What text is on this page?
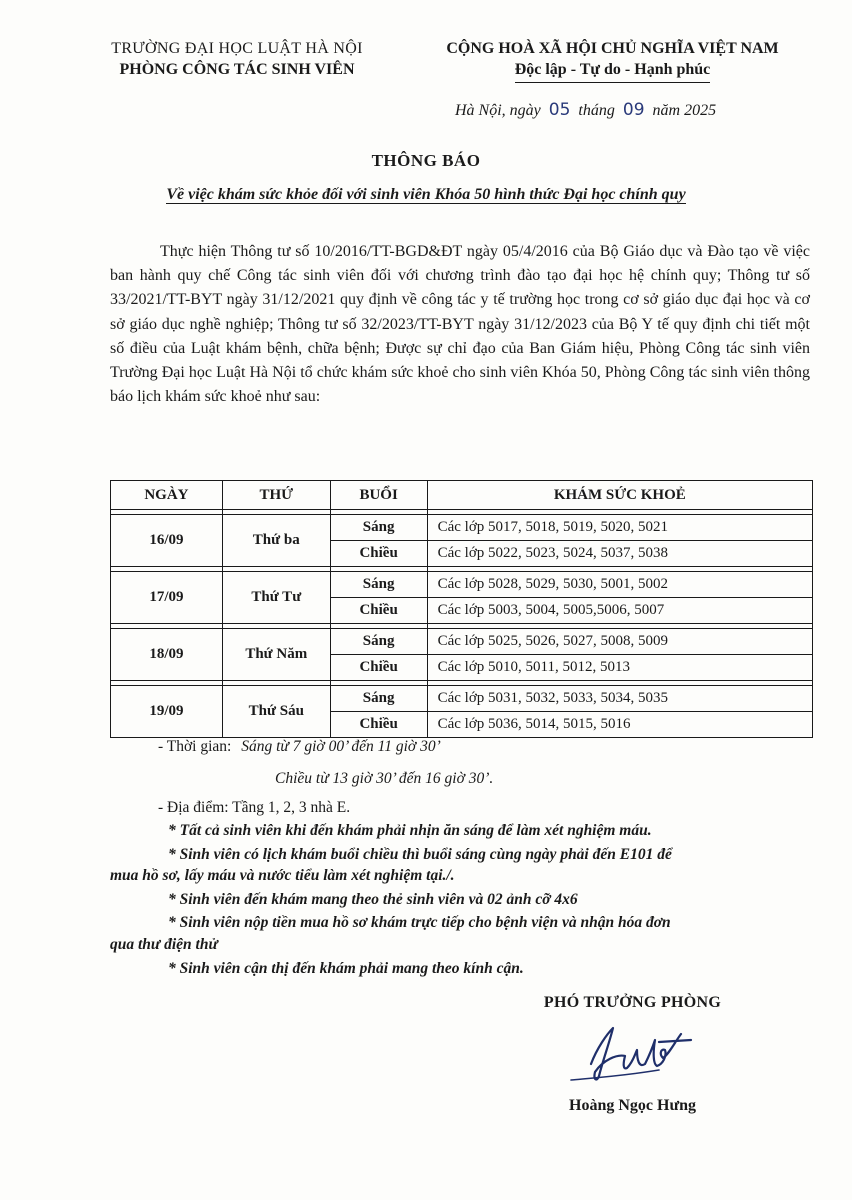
TRƯỜNG ĐẠI HỌC LUẬT HÀ NỘI
PHÒNG CÔNG TÁC SINH VIÊN
CỘNG HOÀ XÃ HỘI CHỦ NGHĨA VIỆT NAM
Độc lập - Tự do - Hạnh phúc
Hà Nội, ngày 05 tháng 09 năm 2025
THÔNG BÁO
Về việc khám sức khỏe đối với sinh viên Khóa 50 hình thức Đại học chính quy

Thực hiện Thông tư số 10/2016/TT-BGD&ĐT ngày 05/4/2016 của Bộ Giáo dục và Đào tạo về việc ban hành quy chế Công tác sinh viên đối với chương trình đào tạo đại học hệ chính quy; Thông tư số 33/2021/TT-BYT ngày 31/12/2021 quy định về công tác y tế trường học trong cơ sở giáo dục đại học và cơ sở giáo dục nghề nghiệp; Thông tư số 32/2023/TT-BYT ngày 31/12/2023 của Bộ Y tế quy định chi tiết một số điều của Luật khám bệnh, chữa bệnh; Được sự chỉ đạo của Ban Giám hiệu, Phòng Công tác sinh viên Trường Đại học Luật Hà Nội tổ chức khám sức khoẻ cho sinh viên Khóa 50, Phòng Công tác sinh viên thông báo lịch khám sức khoẻ như sau:

NGÀY	THỨ	BUỔI	KHÁM SỨC KHOẺ

16/09	Thứ ba	Sáng	Các lớp 5017, 5018, 5019, 5020, 5021
		Chiều	Các lớp 5022, 5023, 5024, 5037, 5038

17/09	Thứ Tư	Sáng	Các lớp 5028, 5029, 5030, 5001, 5002
		Chiều	Các lớp 5003, 5004, 5005,5006, 5007

18/09	Thứ Năm	Sáng	Các lớp 5025, 5026, 5027, 5008, 5009
		Chiều	Các lớp 5010, 5011, 5012, 5013

19/09	Thứ Sáu	Sáng	Các lớp 5031, 5032, 5033, 5034, 5035
		Chiều	Các lớp 5036, 5014, 5015, 5016
- Thời gian: Sáng từ 7 giờ 00’ đến 11 giờ 30’
Chiều từ 13 giờ 30’ đến 16 giờ 30’.
- Địa điểm: Tầng 1, 2, 3 nhà E.
* Tất cả sinh viên khi đến khám phải nhịn ăn sáng để làm xét nghiệm máu.
* Sinh viên có lịch khám buổi chiều thì buổi sáng cùng ngày phải đến E101 để
mua hồ sơ, lấy máu và nước tiểu làm xét nghiệm tại./.
* Sinh viên đến khám mang theo thẻ sinh viên và 02 ảnh cỡ 4x6
* Sinh viên nộp tiền mua hồ sơ khám trực tiếp cho bệnh viện và nhận hóa đơn
qua thư điện thử
* Sinh viên cận thị đến khám phải mang theo kính cận.
PHÓ TRƯỞNG PHÒNG
Hoàng Ngọc Hưng
